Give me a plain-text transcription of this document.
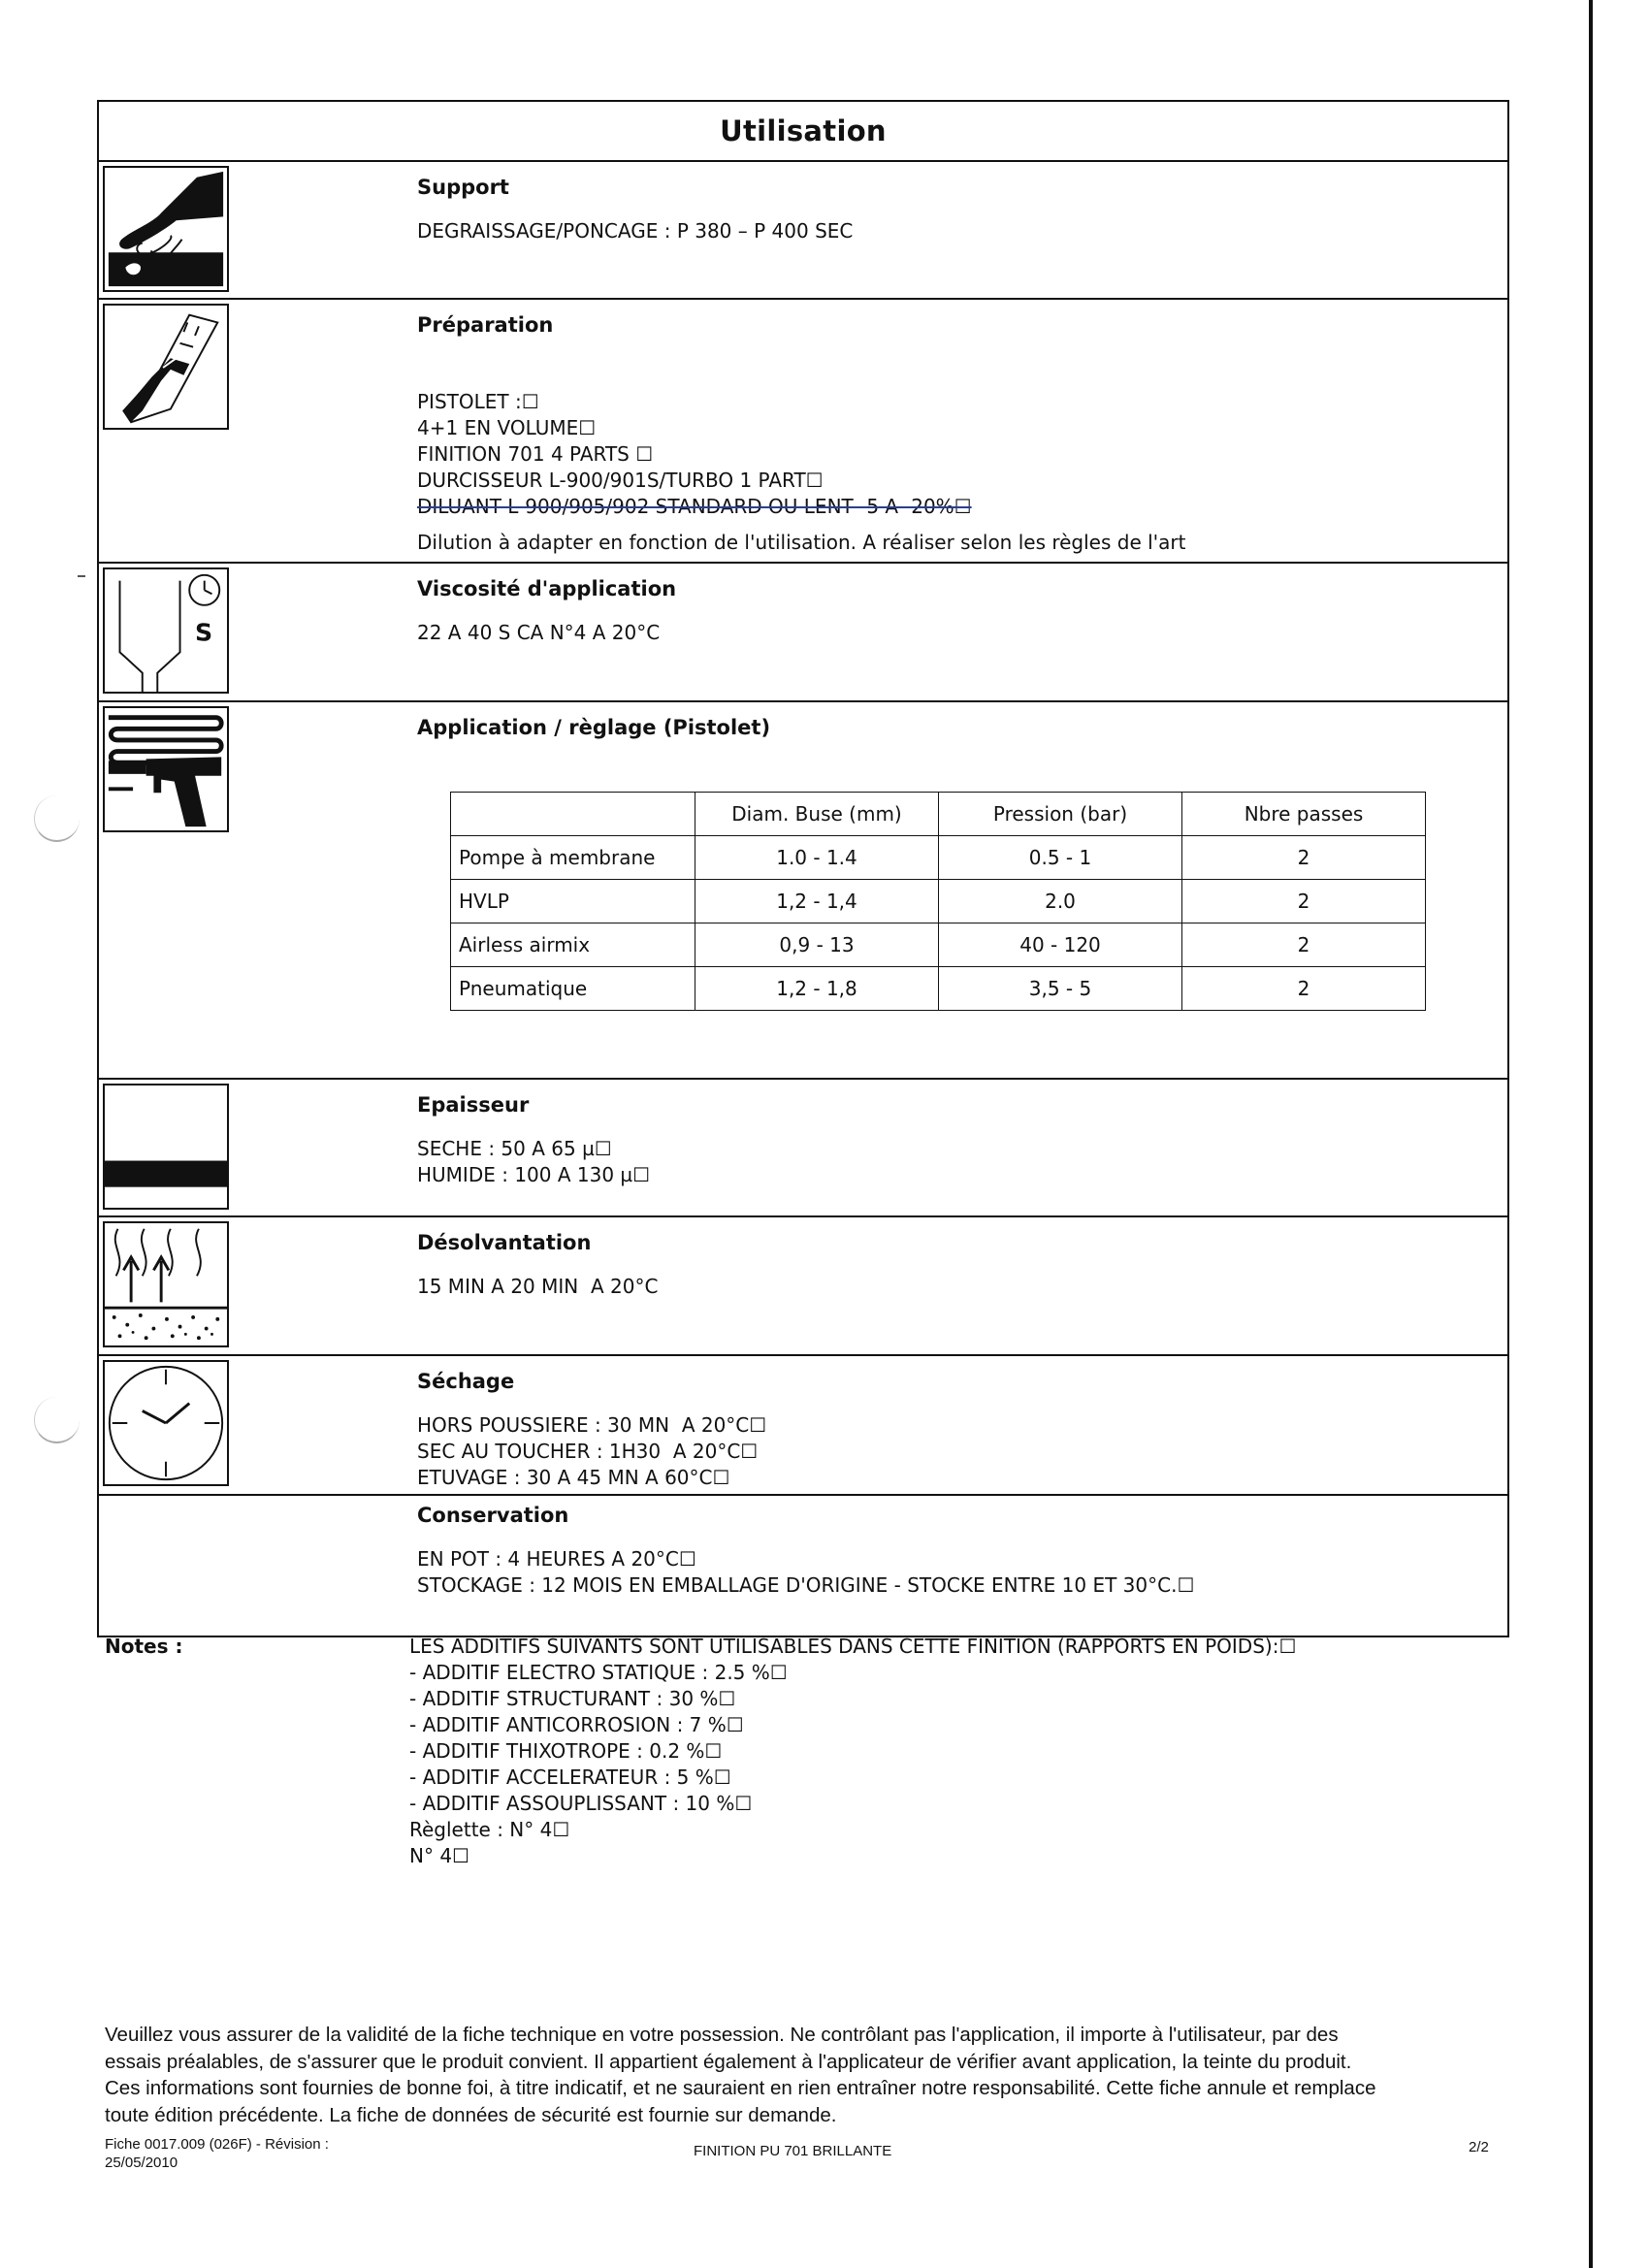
Utilisation
Support
DEGRAISSAGE/PONCAGE : P 380 – P 400 SEC
Préparation
PISTOLET :☐
4+1 EN VOLUME☐
FINITION 701 4 PARTS ☐
DURCISSEUR L-900/901S/TURBO 1 PART☐
DILUANT L-900/905/902 STANDARD OU LENT -5 A- 20%☐
Dilution à adapter en fonction de l'utilisation. A réaliser selon les règles de l'art
S
Viscosité d'application
22 A 40 S CA N°4 A 20°C
Application / règlage (Pistolet)
	Diam. Buse (mm)	Pression (bar)	Nbre passes
Pompe à membrane	1.0 - 1.4	0.5 - 1	2
HVLP	1,2 - 1,4	2.0	2
Airless airmix	0,9 - 13	40 - 120	2
Pneumatique	1,2 - 1,8	3,5 - 5	2
Epaisseur
SECHE : 50 A 65 µ☐
HUMIDE : 100 A 130 µ☐
Désolvantation
15 MIN A 20 MIN  A 20°C
Séchage
HORS POUSSIERE : 30 MN  A 20°C☐
SEC AU TOUCHER : 1H30  A 20°C☐
ETUVAGE : 30 A 45 MN A 60°C☐
Conservation
EN POT : 4 HEURES A 20°C☐
STOCKAGE : 12 MOIS EN EMBALLAGE D'ORIGINE - STOCKE ENTRE 10 ET 30°C.☐
Notes :	LES ADDITIFS SUIVANTS SONT UTILISABLES DANS CETTE FINITION (RAPPORTS EN POIDS):☐
- ADDITIF ELECTRO STATIQUE : 2.5 %☐
- ADDITIF STRUCTURANT : 30 %☐
- ADDITIF ANTICORROSION : 7 %☐
- ADDITIF THIXOTROPE : 0.2 %☐
- ADDITIF ACCELERATEUR : 5 %☐
- ADDITIF ASSOUPLISSANT : 10 %☐
Règlette : N° 4☐
N° 4☐
Veuillez vous assurer de la validité de la fiche technique en votre possession. Ne contrôlant pas l'application, il importe à l'utilisateur, par des
essais préalables, de s'assurer que le produit convient. Il appartient également à l'applicateur de vérifier avant application, la teinte du produit.
Ces informations sont fournies de bonne foi, à titre indicatif, et ne sauraient en rien entraîner notre responsabilité. Cette fiche annule et remplace
toute édition précédente. La fiche de données de sécurité est fournie sur demande.
Fiche 0017.009 (026F) - Révision :
25/05/2010
FINITION PU 701 BRILLANTE	2/2
